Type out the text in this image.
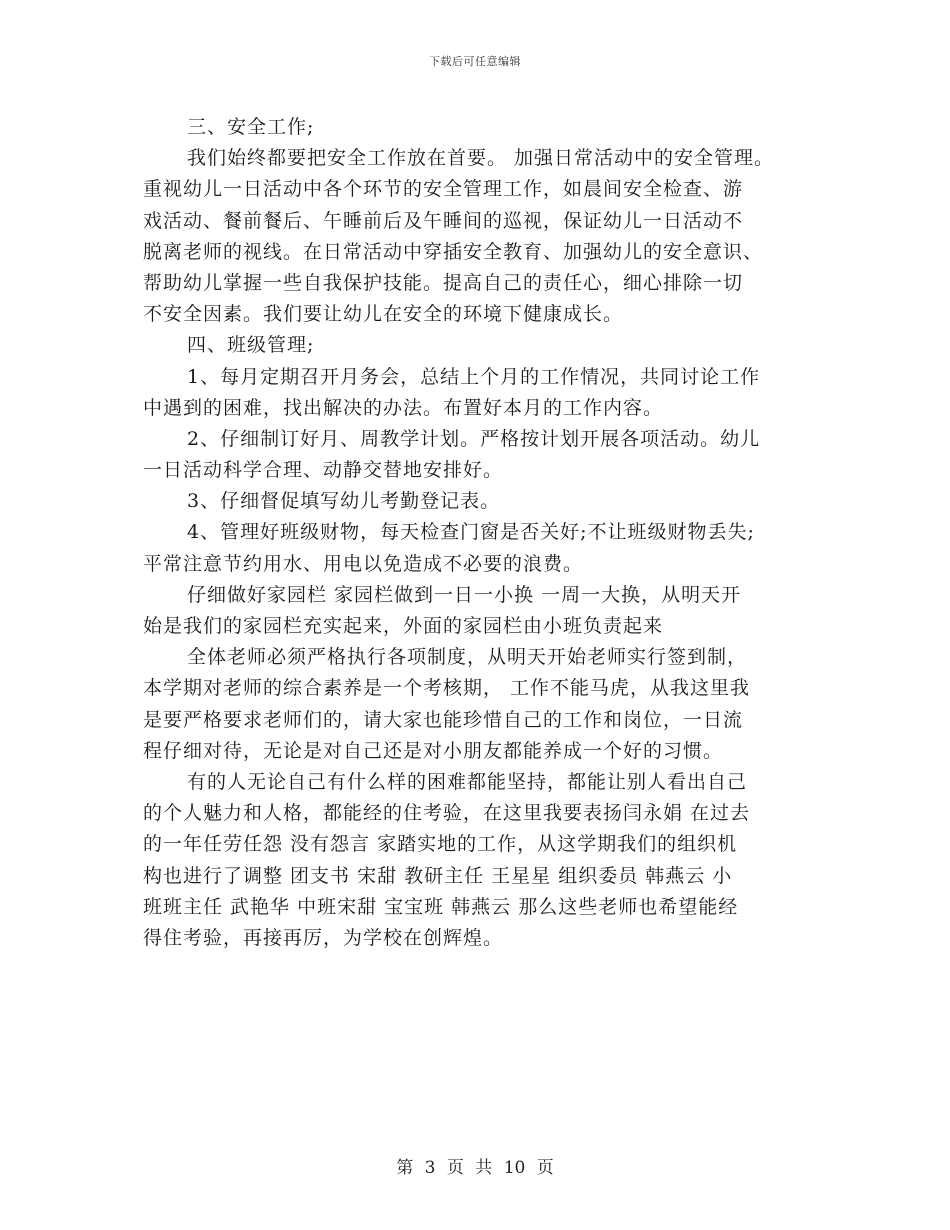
下载后可任意编辑
三、安全工作;
我们始终都要把安全工作放在首要。 加强日常活动中的安全管理。
重视幼儿一日活动中各个环节的安全管理工作，如晨间安全检查、游
戏活动、餐前餐后、午睡前后及午睡间的巡视，保证幼儿一日活动不
脱离老师的视线。在日常活动中穿插安全教育、加强幼儿的安全意识、
帮助幼儿掌握一些自我保护技能。提高自己的责任心，细心排除一切
不安全因素。我们要让幼儿在安全的环境下健康成长。
四、班级管理;
1、每月定期召开月务会，总结上个月的工作情况，共同讨论工作
中遇到的困难，找出解决的办法。布置好本月的工作内容。
2、仔细制订好月、周教学计划。严格按计划开展各项活动。幼儿
一日活动科学合理、动静交替地安排好。
3、仔细督促填写幼儿考勤登记表。
4、管理好班级财物，每天检查门窗是否关好;不让班级财物丢失;
平常注意节约用水、用电以免造成不必要的浪费。
仔细做好家园栏 家园栏做到一日一小换 一周一大换，从明天开
始是我们的家园栏充实起来，外面的家园栏由小班负责起来
全体老师必须严格执行各项制度，从明天开始老师实行签到制，
本学期对老师的综合素养是一个考核期， 工作不能马虎，从我这里我
是要严格要求老师们的，请大家也能珍惜自己的工作和岗位，一日流
程仔细对待，无论是对自己还是对小朋友都能养成一个好的习惯。
有的人无论自己有什么样的困难都能坚持，都能让别人看出自己
的个人魅力和人格，都能经的住考验，在这里我要表扬闫永娟 在过去
的一年任劳任怨 没有怨言 家踏实地的工作，从这学期我们的组织机
构也进行了调整 团支书 宋甜 教研主任 王星星 组织委员 韩燕云 小
班班主任 武艳华 中班宋甜 宝宝班 韩燕云 那么这些老师也希望能经
得住考验，再接再厉，为学校在创辉煌。
第 3 页 共 10 页
